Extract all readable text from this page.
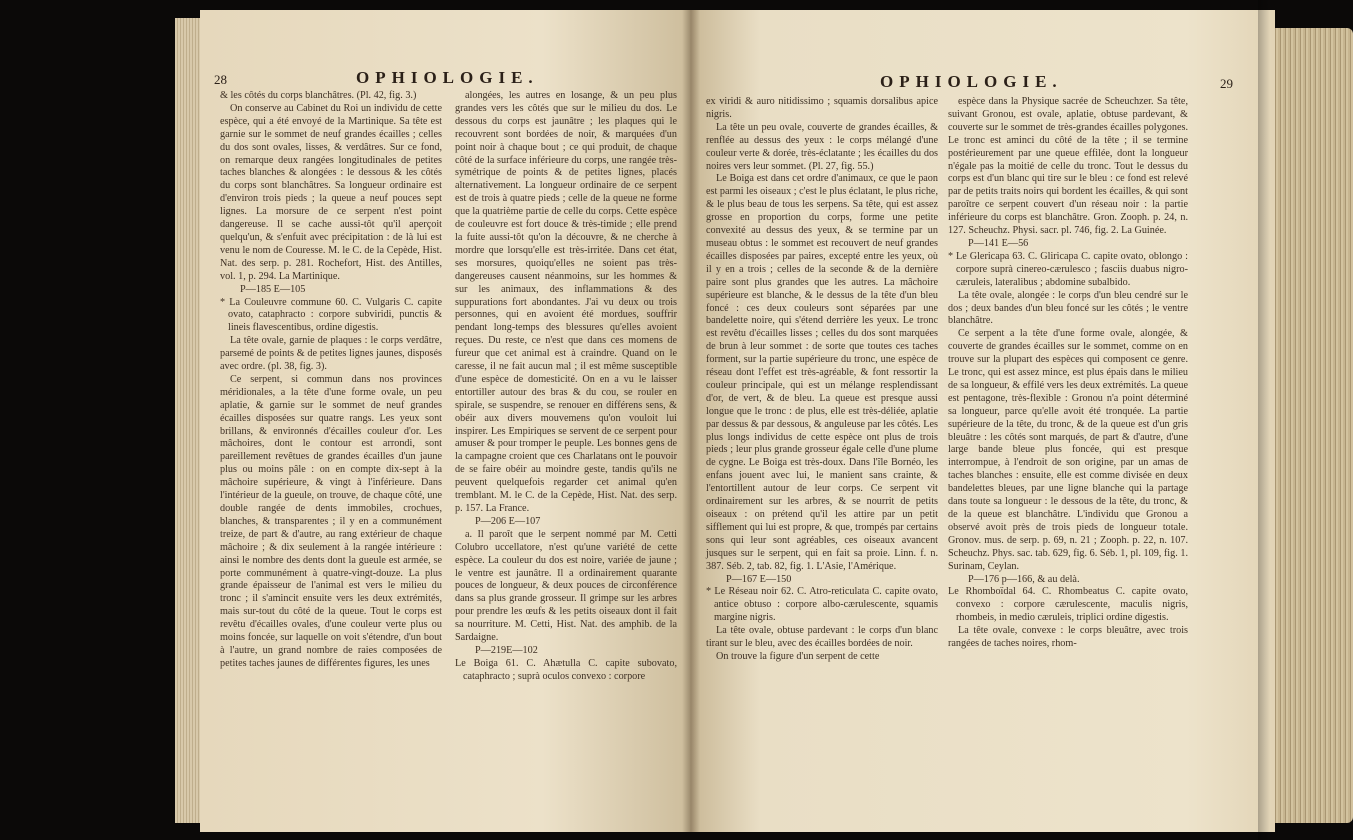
28	OPHIOLOGIE.

& les côtés du corps blanchâtres. (Pl. 42, fig. 3.)

On conserve au Cabinet du Roi un individu de cette espèce, qui a été envoyé de la Martinique. Sa tête est garnie sur le sommet de neuf grandes écailles ; celles du dos sont ovales, lisses, & verdâtres. Sur ce fond, on remarque deux rangées longitudinales de petites taches blanches & alongées : le dessous & les côtés du corps sont blanchâtres. Sa longueur ordinaire est d'environ trois pieds ; la queue a neuf pouces sept lignes. La morsure de ce serpent n'est point dangereuse. Il se cache aussi-tôt qu'il aperçoit quelqu'un, & s'enfuit avec précipitation : de là lui est venu le nom de Couresse. M. le C. de la Cepède, Hist. Nat. des serp. p. 281. Rochefort, Hist. des Antilles, vol. 1, p. 294. La Martinique.

P—185 E—105

* La Couleuvre commune 60. C. Vulgaris C. capite ovato, cataphracto : corpore subviridi, punctis & lineis flavescentibus, ordine digestis.

La tête ovale, garnie de plaques : le corps verdâtre, parsemé de points & de petites lignes jaunes, disposés avec ordre. (pl. 38, fig. 3).

Ce serpent, si commun dans nos provinces méridionales, a la tête d'une forme ovale, un peu aplatie, & garnie sur le sommet de neuf grandes écailles disposées sur quatre rangs. Les yeux sont brillans, & environnés d'écailles couleur d'or. Les mâchoires, dont le contour est arrondi, sont pareillement revêtues de grandes écailles d'un jaune plus ou moins pâle : on en compte dix-sept à la mâchoire supérieure, & vingt à l'inférieure. Dans l'intérieur de la gueule, on trouve, de chaque côté, une double rangée de dents immobiles, crochues, blanches, & transparentes ; il y en a communément treize, de part & d'autre, au rang extérieur de chaque mâchoire ; & dix seulement à la rangée intérieure : ainsi le nombre des dents dont la gueule est armée, se porte communément à quatre-vingt-douze. La plus grande épaisseur de l'animal est vers le milieu du tronc ; il s'amincit ensuite vers les deux extrémités, mais sur-tout du côté de la queue. Tout le corps est revêtu d'écailles ovales, d'une couleur verte plus ou moins foncée, sur laquelle on voit s'étendre, d'un bout à l'autre, un grand nombre de raies composées de petites taches jaunes de différentes figures, les unes

alongées, les autres en losange, & un peu plus grandes vers les côtés que sur le milieu du dos. Le dessous du corps est jaunâtre ; les plaques qui le recouvrent sont bordées de noir, & marquées d'un point noir à chaque bout ; ce qui produit, de chaque côté de la surface inférieure du corps, une rangée très-symétrique de points & de petites lignes, placés alternativement. La longueur ordinaire de ce serpent est de trois à quatre pieds ; celle de la queue ne forme que la quatrième partie de celle du corps. Cette espèce de couleuvre est fort douce & très-timide ; elle prend la fuite aussi-tôt qu'on la découvre, & ne cherche à mordre que lorsqu'elle est très-irritée. Dans cet état, ses morsures, quoiqu'elles ne soient pas très-dangereuses causent néanmoins, sur les hommes & sur les animaux, des inflammations & des suppurations fort abondantes. J'ai vu deux ou trois personnes, qui en avoient été mordues, souffrir pendant long-temps des blessures qu'elles avoient reçues. Du reste, ce n'est que dans ces momens de fureur que cet animal est à craindre. Quand on le caresse, il ne fait aucun mal ; il est même susceptible d'une espèce de domesticité. On en a vu le laisser entortiller autour des bras & du cou, se rouler en spirale, se suspendre, se renouer en différens sens, & obéir aux divers mouvemens qu'on vouloit lui inspirer. Les Empiriques se servent de ce serpent pour amuser & pour tromper le peuple. Les bonnes gens de la campagne croient que ces Charlatans ont le pouvoir de se faire obéir au moindre geste, tandis qu'ils ne peuvent quelquefois regarder cet animal qu'en tremblant. M. le C. de la Cepède, Hist. Nat. des serp. p. 157. La France.

P—206 E—107

a. Il paroît que le serpent nommé par M. Cetti Colubro uccellatore, n'est qu'une variété de cette espèce. La couleur du dos est noire, variée de jaune ; le ventre est jaunâtre. Il a ordinairement quarante pouces de longueur, & deux pouces de circonférence dans sa plus grande grosseur. Il grimpe sur les arbres pour prendre les œufs & les petits oiseaux dont il fait sa nourriture. M. Cetti, Hist. Nat. des amphib. de la Sardaigne.

P—219E—102

Le Boiga 61. C. Ahætulla C. capite subovato, cataphracto ; suprà oculos convexo : corpore

OPHIOLOGIE.	29

ex viridi & auro nitidissimo ; squamis dorsalibus apice nigris.

La tête un peu ovale, couverte de grandes écailles, & renflée au dessus des yeux : le corps mélangé d'une couleur verte & dorée, très-éclatante ; les écailles du dos noires vers leur sommet. (Pl. 27, fig. 55.)

Le Boiga est dans cet ordre d'animaux, ce que le paon est parmi les oiseaux ; c'est le plus éclatant, le plus riche, & le plus beau de tous les serpens. Sa tête, qui est assez grosse en proportion du corps, forme une petite convexité au dessus des yeux, & se termine par un museau obtus : le sommet est recouvert de neuf grandes écailles disposées par paires, excepté entre les yeux, où il y en a trois ; celles de la seconde & de la dernière paire sont plus grandes que les autres. La mâchoire supérieure est blanche, & le dessus de la tête d'un bleu foncé : ces deux couleurs sont séparées par une bandelette noire, qui s'étend derrière les yeux. Le tronc est revêtu d'écailles lisses ; celles du dos sont marquées de brun à leur sommet : de sorte que toutes ces taches forment, sur la partie supérieure du tronc, une espèce de réseau dont l'effet est très-agréable, & font ressortir la couleur principale, qui est un mélange resplendissant d'or, de vert, & de bleu. La queue est presque aussi longue que le tronc : de plus, elle est très-déliée, aplatie par dessus & par dessous, & anguleuse par les côtés. Les plus longs individus de cette espèce ont plus de trois pieds ; leur plus grande grosseur égale celle d'une plume de cygne. Le Boiga est très-doux. Dans l'île Bornéo, les enfans jouent avec lui, le manient sans crainte, & l'entortillent autour de leur corps. Ce serpent vit ordinairement sur les arbres, & se nourrit de petits oiseaux : on prétend qu'il les attire par un petit sifflement qui lui est propre, & que, trompés par certains sons qui leur sont agréables, ces oiseaux avancent jusques sur le serpent, qui en fait sa proie. Linn. f. n. 387. Séb. 2, tab. 82, fig. 1. L'Asie, l'Amérique.

P—167 E—150

* Le Réseau noir 62. C. Atro-reticulata C. capite ovato, antice obtuso : corpore albo-cærulescente, squamis margine nigris.

La tête ovale, obtuse pardevant : le corps d'un blanc tirant sur le bleu, avec des écailles bordées de noir.

On trouve la figure d'un serpent de cette

espèce dans la Physique sacrée de Scheuchzer. Sa tête, suivant Gronou, est ovale, aplatie, obtuse pardevant, & couverte sur le sommet de très-grandes écailles polygones. Le tronc est aminci du côté de la tête ; il se termine postérieurement par une queue effilée, dont la longueur n'égale pas la moitié de celle du tronc. Tout le dessus du corps est d'un blanc qui tire sur le bleu : ce fond est relevé par de petits traits noirs qui bordent les écailles, & qui sont paroître ce serpent couvert d'un réseau noir : la partie inférieure du corps est blanchâtre. Gron. Zooph. p. 24, n. 127. Scheuchz. Physi. sacr. pl. 746, fig. 2. La Guinée.

P—141 E—56

* Le Glericapa 63. C. Gliricapa C. capite ovato, oblongo : corpore suprà cinereo-cærulesco ; fasciis duabus nigro-cæruleis, lateralibus ; abdomine subalbido.

La tête ovale, alongée : le corps d'un bleu cendré sur le dos ; deux bandes d'un bleu foncé sur les côtés ; le ventre blanchâtre.

Ce serpent a la tête d'une forme ovale, alongée, & couverte de grandes écailles sur le sommet, comme on en trouve sur la plupart des espèces qui composent ce genre. Le tronc, qui est assez mince, est plus épais dans le milieu de sa longueur, & effilé vers les deux extrémités. La queue est pentagone, très-flexible : Gronou n'a point déterminé sa longueur, parce qu'elle avoit été tronquée. La partie supérieure de la tête, du tronc, & de la queue est d'un gris bleuâtre : les côtés sont marqués, de part & d'autre, d'une large bande bleue plus foncée, qui est presque interrompue, à l'endroit de son origine, par un amas de taches blanches : ensuite, elle est comme divisée en deux bandelettes bleues, par une ligne blanche qui la partage dans toute sa longueur : le dessous de la tête, du tronc, & de la queue est blanchâtre. L'individu que Gronou a observé avoit près de trois pieds de longueur totale. Gronov. mus. de serp. p. 69, n. 21 ; Zooph. p. 22, n. 107. Scheuchz. Phys. sac. tab. 629, fig. 6. Séb. 1, pl. 109, fig. 1. Surinam, Ceylan.

P—176 p—166, & au delà.

Le Rhomboïdal 64. C. Rhombeatus C. capite ovato, convexo : corpore cærulescente, maculis nigris, rhombeis, in medio cæruleis, triplici ordine digestis.

La tête ovale, convexe : le corps bleuâtre, avec trois rangées de taches noires, rhom-
